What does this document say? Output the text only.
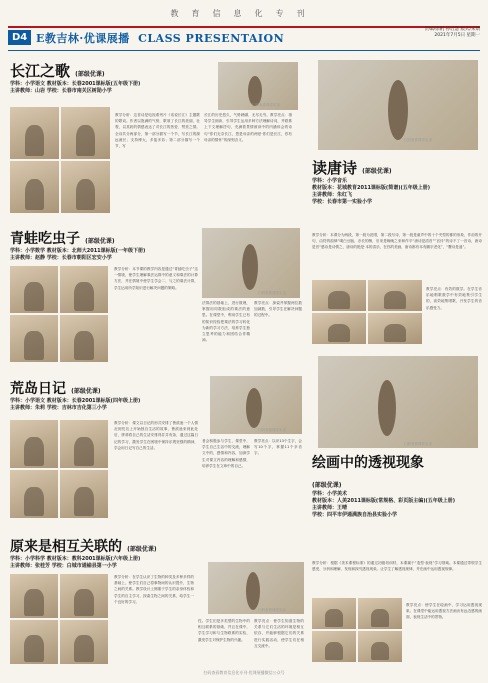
教育信息化专刊
D4 E教吉林·优课展播 CLASS PRESENTAION
责编/徐帆 孙启慧 版式/宋婧
2021年7月5日 星期一
长江之歌 (部级优课)
学科：小学语文 教材版本：长春2001课标版(五年级下册)
主讲教师：山岩 学校：长春市南关区树勋小学
扫码查看课堂实录
教学分析：这首诗是电视系列片《话说长江》主题歌的歌词。作者以饱满的气势，歌颂了长江的美丽、壮观，以其奶的情感表达了对长江的热爱、赞美之情。全诗共分两部分，第一部分描写一个节，写长江的源远流长；支持博大，多姿多彩；第二部分描写一个节，写
长江的历史悠久，气势磅礴、无尽无穷。教学亮点：指导学生朗读，引导学生运用多种方法理解诗词，并联系上下文理解抒句，充满着景情被读中的内涵体会的诗句“你们无奈长江，您是母亲的两爱·你们是长江，你有母亲的情怀”的深刻含义。	扫码查看课堂实录
读唐诗 (部级优课)
学科：小学音乐
教材版本：花城教育2011课标版(简谱)(五年级上册)
主讲教师：朱红飞
学校：长春市第一实验小学
教学分析：本课分为两段，第一段为范唱，第二段写诗，第一段是童声中的十个夹型的都的形象，作前的开句，由符的韵律“喝白豆脑，亦长的醉，后来是晚晚之来和作平“唐诗是清首”“宫伴”的诗不了一首诗，唐诗是首“感诗是诗情之，唐诗的艳是·本的清乐，在你的美画，唐诗都有本有鹏宗老化”，“鹰诗是遥”。
教学亮点：有效的数学。在学生音乐地唱歌数学中有效地集引学生的，高效地集唱歌，开发学生的音乐感受力。
青蛙吃虫子 (部级优课)
学科：小学数学 教材版本：北师大2011课标版(一年级下册)
主讲教师：赵静 学校：长春市朝阳区宏安小学
教学分析：本节课的教学内容是通过“青蛙吃虫子”这一情境，使学生理解乘法运算中的意义和乘法的计算方法，并在情境中使学生学会二、与之的乘法计算，学生运用所学知识进行解决问题的策略。
扫码查看课堂实录
法算法的基础上，进行数理，掌握用同数组成的乘法的意思。在课堂中，利用学生已有的知识经验把乘法的学习转化为新的学习方法，培养学生独立思考的能力和团结合作精神。
教学亮点：探索并掌握两位数加减数，引导学生在解决问题的过程中。
荒岛日记 (部级优课)
学科：小学语文 教材版本：长春2001课标版(四年级上册)
主讲教师：朱莉 学校：吉林市吉化第三小学
扫码查看课堂实录
教学分析：课文以日记的形式安排了鲁滨逊一个人情况到荒岛上开始独自生活的故事，鲁滨逊来到此处后，拼命将自己的生活安排得井井有条，通过这篇日记的学习，激发学生在困境中保持乐观坚强的精神，学会用日记写自己的生活。
者会积极参与学生，课堂中，学生自己生活中的交流，理解文中的，感情和内容，加深学生对课文内容的理解和感情，培养学生在文章中的自己。
教学亮点：以识13个生字，会写10个字，掌握11个多音字。
扫码查看课堂实录
绘画中的透视现象
(部级优课)
学科：小学美术
教材版本：人美2011课标版(常规格、彩页版主编)(五年级上册)
主讲教师：王晴
学校：四平市伊通满族自治县实验小学
教学分析：根据《美术课程标准》的通过初级培训材，本课属于“造型·表现”学习领域。本课通过带领学生感受、分析和理解、发现和探究透视现象。让学生了解透视规律，并在画中运用透视规律。
教学亮点：使学生在绘画中，学习运用透视现象。在课堂中能运用透视方法画出有远近感的画面，表现生活中的景物。
原来是相互关联的 (部级优课)
学科：小学科学 教材版本：教科2001课标版(六年级上册)
主讲教师：张桂芳 学校：白城市通榆县第一小学
教学分析：在学生认识了生物的种类及多种多样的基础上，使学生们自己将事物间的认识提升，生物之间的关系。教学设计上侧重于学生的亲身体验和学生的自主学习，探索生物之间的关系，给学生一个良好的学习。
扫码查看课堂实录
性。学生们是多类型的生物中的相互联系的基础，并且在课中，学生学习和与生物联系的实验，激发学生对保护生物的兴趣。
教学亮点：使学生知道生物的关系与它们生活的环境是相互依存，并能够根据它们的关系进行实践活动，使学生们在相互交流中。
扫码查看教育信息化专刊·优课展播微信公众号
